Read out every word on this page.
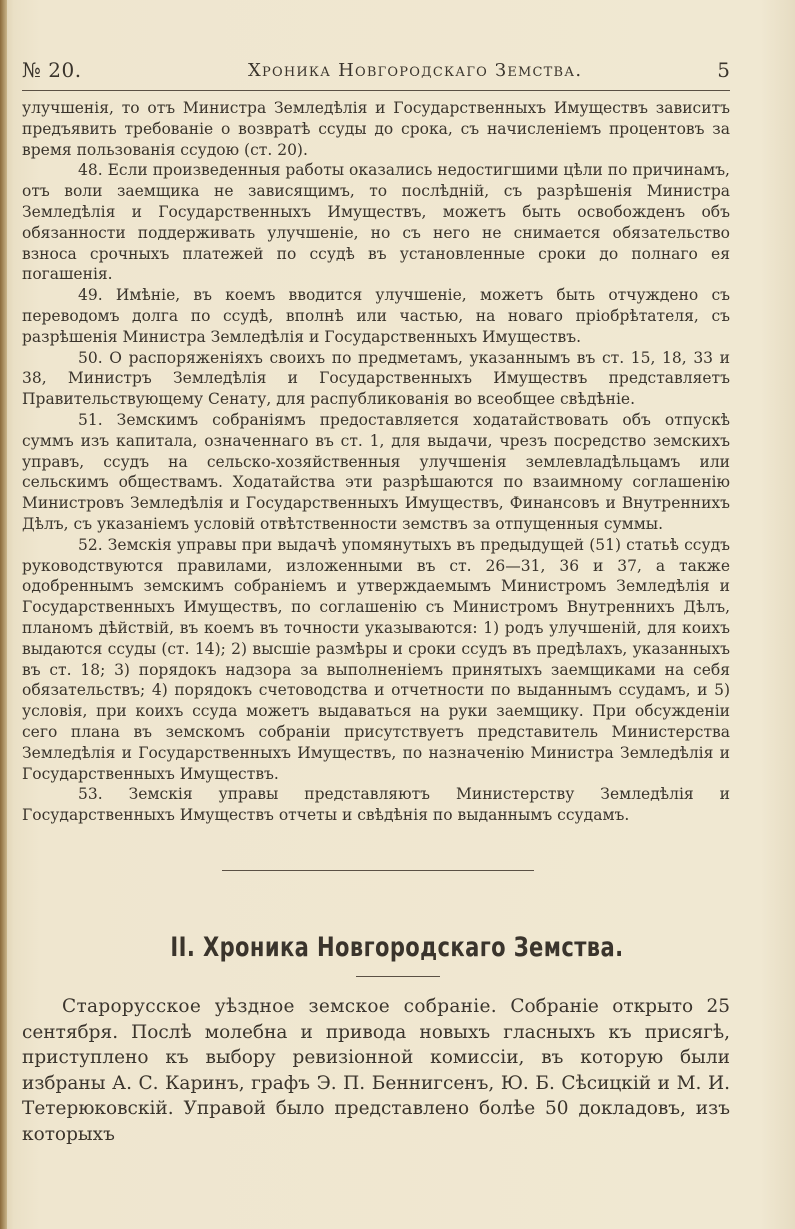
№ 20.	Хроника Новгородскаго Земства.	5

улучшенія, то отъ Министра Земледѣлія и Государственныхъ Имуществъ зависитъ предъявить требованіе о возвратѣ ссуды до срока, съ начисленіемъ процентовъ за время пользованія ссудою (ст. 20).

48. Если произведенныя работы оказались недостигшими цѣли по причинамъ, отъ воли заемщика не зависящимъ, то послѣдній, съ разрѣшенія Министра Земледѣлія и Государственныхъ Имуществъ, можетъ быть освобожденъ объ обязанности поддерживать улучшеніе, но съ него не снимается обязательство взноса срочныхъ платежей по ссудѣ въ установленные сроки до полнаго ея погашенія.

49. Имѣніе, въ коемъ вводится улучшеніе, можетъ быть отчуждено съ переводомъ долга по ссудѣ, вполнѣ или частью, на новаго пріобрѣтателя, съ разрѣшенія Министра Земледѣлія и Государственныхъ Имуществъ.

50. О распоряженіяхъ своихъ по предметамъ, указаннымъ въ ст. 15, 18, 33 и 38, Министръ Земледѣлія и Государственныхъ Имуществъ представляетъ Правительствующему Сенату, для распубликованія во всеобщее свѣдѣніе.

51. Земскимъ собраніямъ предоставляется ходатайствовать объ отпускѣ суммъ изъ капитала, означеннаго въ ст. 1, для выдачи, чрезъ посредство земскихъ управъ, ссудъ на сельско-хозяйственныя улучшенія землевладѣльцамъ или сельскимъ обществамъ. Ходатайства эти разрѣшаются по взаимному соглашенію Министровъ Земледѣлія и Государственныхъ Имуществъ, Финансовъ и Внутреннихъ Дѣлъ, съ указаніемъ условій отвѣтственности земствъ за отпущенныя суммы.

52. Земскія управы при выдачѣ упомянутыхъ въ предыдущей (51) статьѣ ссудъ руководствуются правилами, изложенными въ ст. 26—31, 36 и 37, а также одобреннымъ земскимъ собраніемъ и утверждаемымъ Министромъ Земледѣлія и Государственныхъ Имуществъ, по соглашенію съ Министромъ Внутреннихъ Дѣлъ, планомъ дѣйствій, въ коемъ въ точности указываются: 1) родъ улучшеній, для коихъ выдаются ссуды (ст. 14); 2) высшіе размѣры и сроки ссудъ въ предѣлахъ, указанныхъ въ ст. 18; 3) порядокъ надзора за выполненіемъ принятыхъ заемщиками на себя обязательствъ; 4) порядокъ счетоводства и отчетности по выданнымъ ссудамъ, и 5) условія, при коихъ ссуда можетъ выдаваться на руки заемщику. При обсужденіи сего плана въ земскомъ собраніи присутствуетъ представитель Министерства Земледѣлія и Государственныхъ Имуществъ, по назначенію Министра Земледѣлія и Государственныхъ Имуществъ.

53. Земскія управы представляютъ Министерству Земледѣлія и Государственныхъ Имуществъ отчеты и свѣдѣнія по выданнымъ ссудамъ.

II. Хроника Новгородскаго Земства.

Старорусское уѣздное земское собраніе. Собраніе открыто 25 сентября. Послѣ молебна и привода новыхъ гласныхъ къ присягѣ, приступлено къ выбору ревизіонной комиссіи, въ которую были избраны А. С. Каринъ, графъ Э. П. Беннигсенъ, Ю. Б. Сѣсицкій и М. И. Тетерюковскій. Управой было представлено болѣе 50 докладовъ, изъ которыхъ
